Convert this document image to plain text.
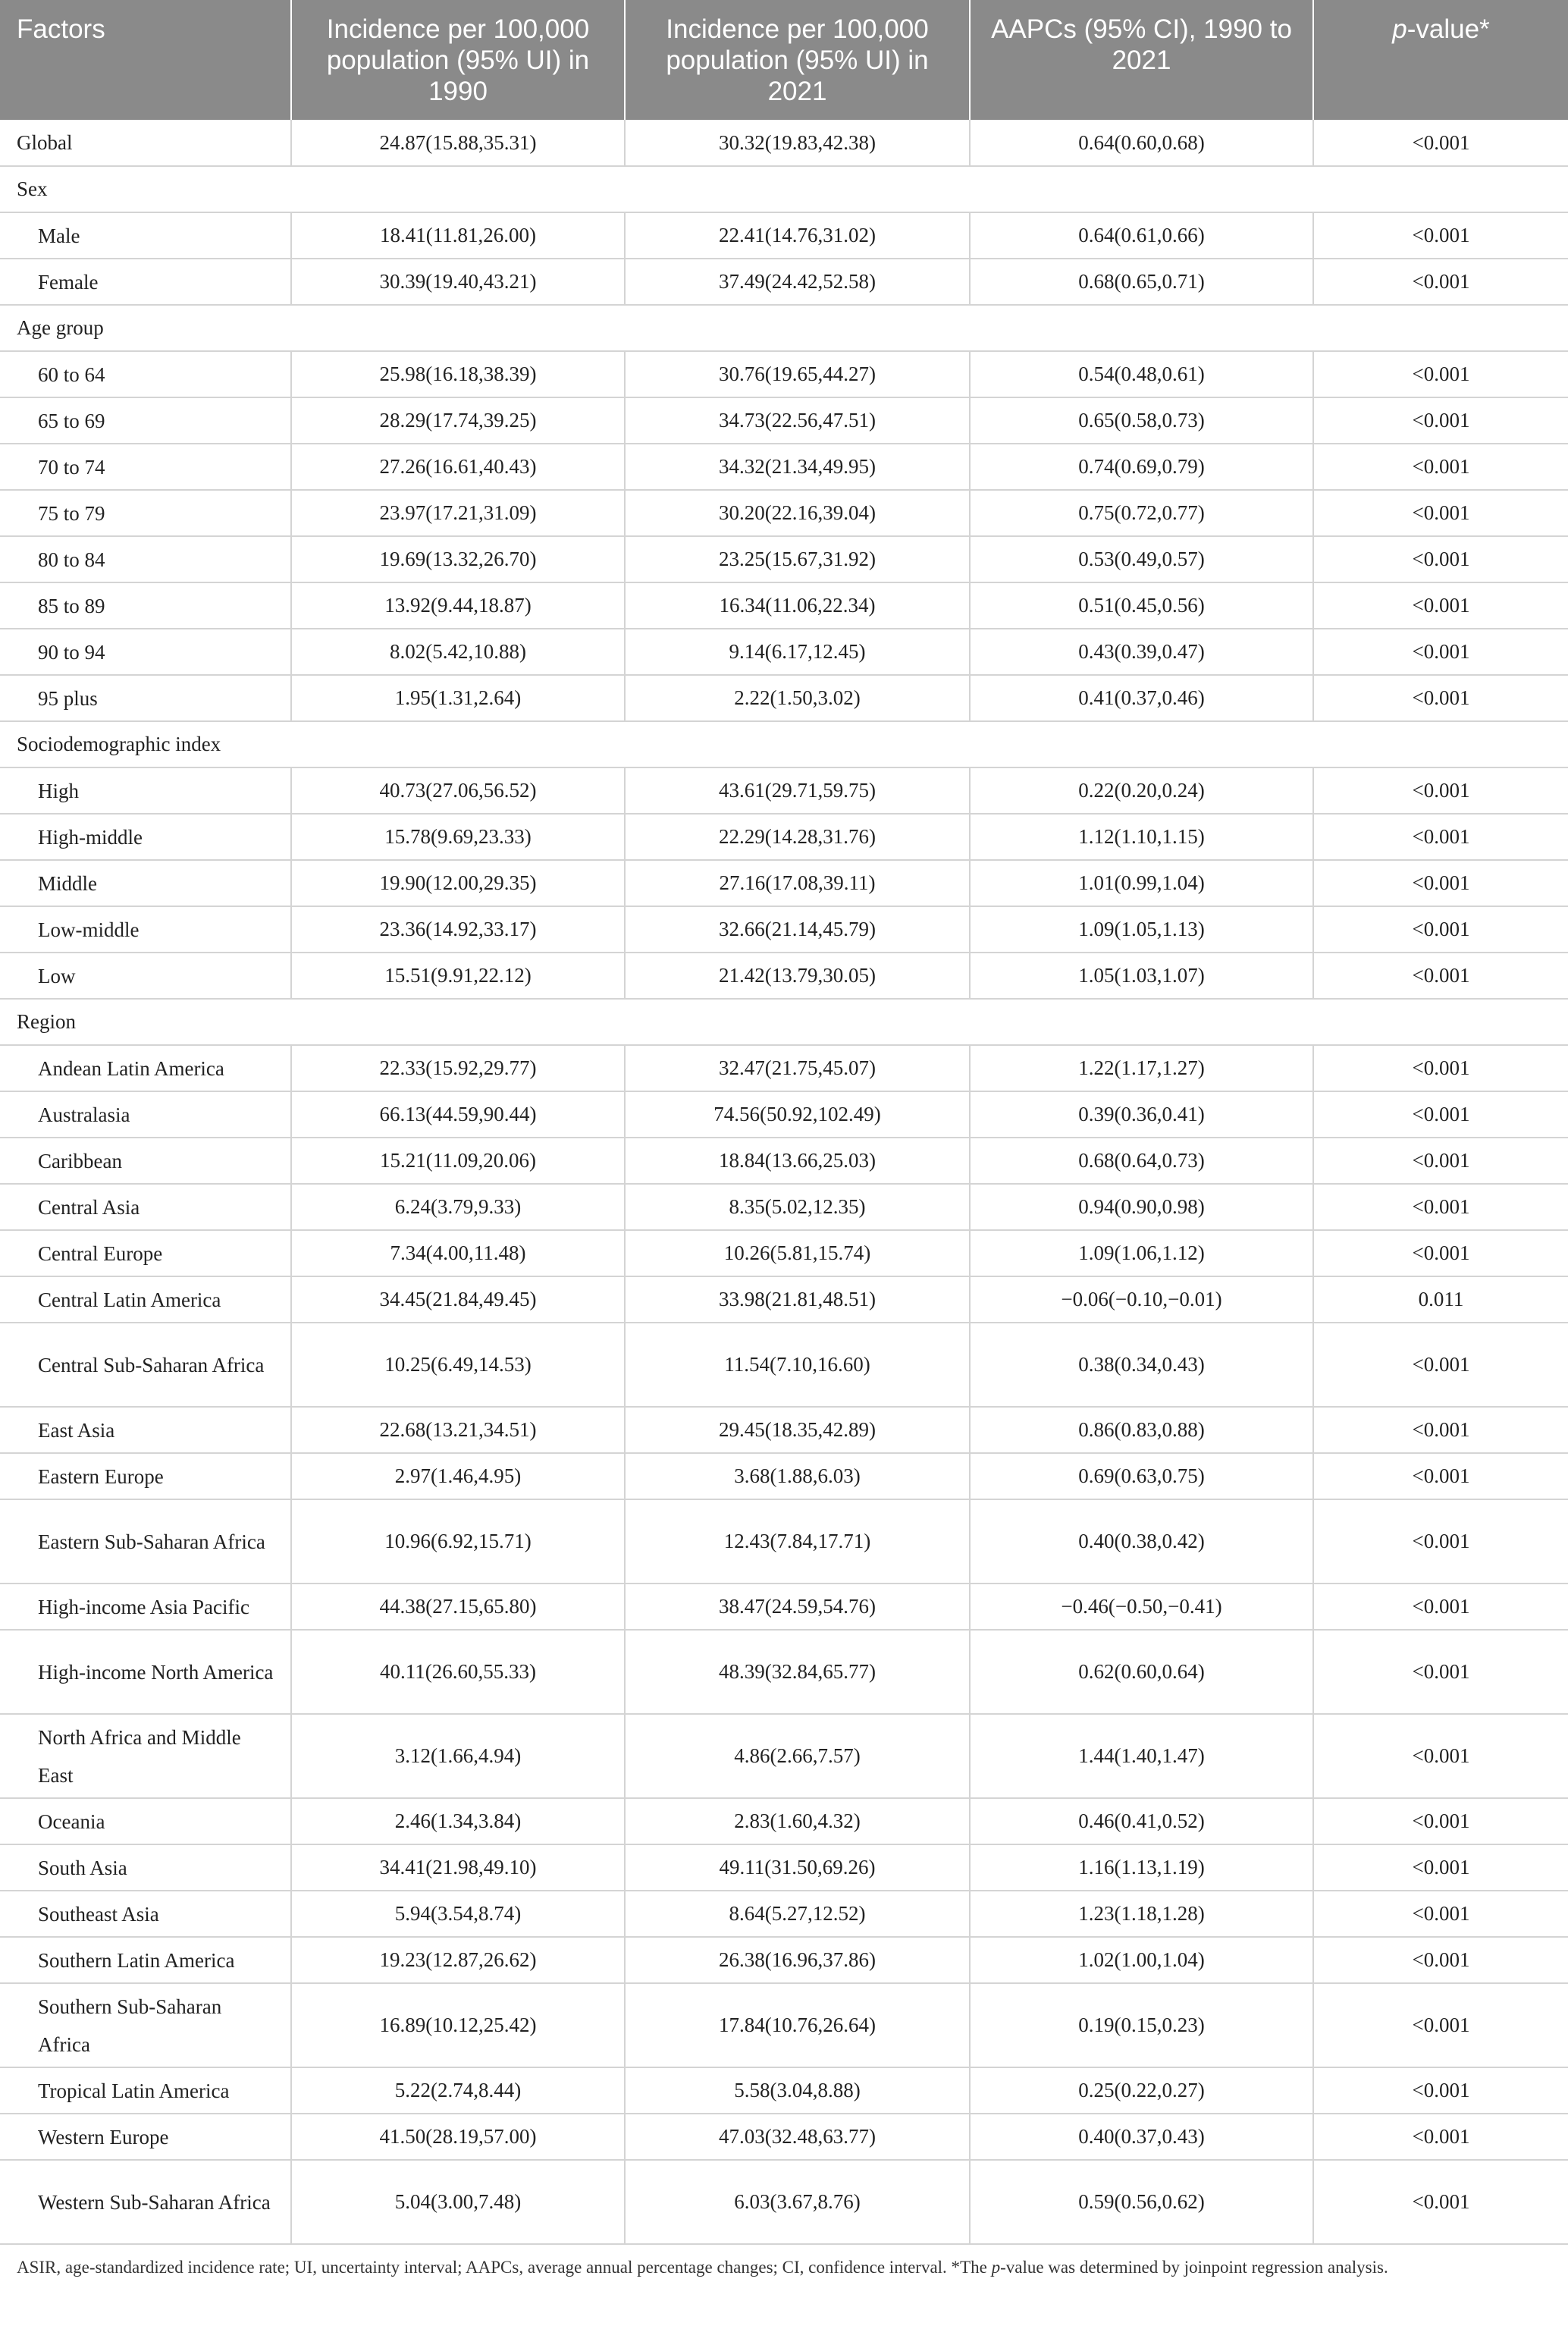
Factors	Incidence per 100,000 population (95% UI) in 1990	Incidence per 100,000 population (95% UI) in 2021	AAPCs (95% CI), 1990 to 2021	p-value*
Global	24.87(15.88,35.31)	30.32(19.83,42.38)	0.64(0.60,0.68)	<0.001
Sex				
Male	18.41(11.81,26.00)	22.41(14.76,31.02)	0.64(0.61,0.66)	<0.001
Female	30.39(19.40,43.21)	37.49(24.42,52.58)	0.68(0.65,0.71)	<0.001
Age group				
60 to 64	25.98(16.18,38.39)	30.76(19.65,44.27)	0.54(0.48,0.61)	<0.001
65 to 69	28.29(17.74,39.25)	34.73(22.56,47.51)	0.65(0.58,0.73)	<0.001
70 to 74	27.26(16.61,40.43)	34.32(21.34,49.95)	0.74(0.69,0.79)	<0.001
75 to 79	23.97(17.21,31.09)	30.20(22.16,39.04)	0.75(0.72,0.77)	<0.001
80 to 84	19.69(13.32,26.70)	23.25(15.67,31.92)	0.53(0.49,0.57)	<0.001
85 to 89	13.92(9.44,18.87)	16.34(11.06,22.34)	0.51(0.45,0.56)	<0.001
90 to 94	8.02(5.42,10.88)	9.14(6.17,12.45)	0.43(0.39,0.47)	<0.001
95 plus	1.95(1.31,2.64)	2.22(1.50,3.02)	0.41(0.37,0.46)	<0.001
Sociodemographic index				
High	40.73(27.06,56.52)	43.61(29.71,59.75)	0.22(0.20,0.24)	<0.001
High-middle	15.78(9.69,23.33)	22.29(14.28,31.76)	1.12(1.10,1.15)	<0.001
Middle	19.90(12.00,29.35)	27.16(17.08,39.11)	1.01(0.99,1.04)	<0.001
Low-middle	23.36(14.92,33.17)	32.66(21.14,45.79)	1.09(1.05,1.13)	<0.001
Low	15.51(9.91,22.12)	21.42(13.79,30.05)	1.05(1.03,1.07)	<0.001
Region				
Andean Latin America	22.33(15.92,29.77)	32.47(21.75,45.07)	1.22(1.17,1.27)	<0.001
Australasia	66.13(44.59,90.44)	74.56(50.92,102.49)	0.39(0.36,0.41)	<0.001
Caribbean	15.21(11.09,20.06)	18.84(13.66,25.03)	0.68(0.64,0.73)	<0.001
Central Asia	6.24(3.79,9.33)	8.35(5.02,12.35)	0.94(0.90,0.98)	<0.001
Central Europe	7.34(4.00,11.48)	10.26(5.81,15.74)	1.09(1.06,1.12)	<0.001
Central Latin America	34.45(21.84,49.45)	33.98(21.81,48.51)	−0.06(−0.10,−0.01)	0.011
Central Sub-Saharan Africa	10.25(6.49,14.53)	11.54(7.10,16.60)	0.38(0.34,0.43)	<0.001
East Asia	22.68(13.21,34.51)	29.45(18.35,42.89)	0.86(0.83,0.88)	<0.001
Eastern Europe	2.97(1.46,4.95)	3.68(1.88,6.03)	0.69(0.63,0.75)	<0.001
Eastern Sub-Saharan Africa	10.96(6.92,15.71)	12.43(7.84,17.71)	0.40(0.38,0.42)	<0.001
High-income Asia Pacific	44.38(27.15,65.80)	38.47(24.59,54.76)	−0.46(−0.50,−0.41)	<0.001
High-income North America	40.11(26.60,55.33)	48.39(32.84,65.77)	0.62(0.60,0.64)	<0.001
North Africa and Middle East	3.12(1.66,4.94)	4.86(2.66,7.57)	1.44(1.40,1.47)	<0.001
Oceania	2.46(1.34,3.84)	2.83(1.60,4.32)	0.46(0.41,0.52)	<0.001
South Asia	34.41(21.98,49.10)	49.11(31.50,69.26)	1.16(1.13,1.19)	<0.001
Southeast Asia	5.94(3.54,8.74)	8.64(5.27,12.52)	1.23(1.18,1.28)	<0.001
Southern Latin America	19.23(12.87,26.62)	26.38(16.96,37.86)	1.02(1.00,1.04)	<0.001
Southern Sub-Saharan Africa	16.89(10.12,25.42)	17.84(10.76,26.64)	0.19(0.15,0.23)	<0.001
Tropical Latin America	5.22(2.74,8.44)	5.58(3.04,8.88)	0.25(0.22,0.27)	<0.001
Western Europe	41.50(28.19,57.00)	47.03(32.48,63.77)	0.40(0.37,0.43)	<0.001
Western Sub-Saharan Africa	5.04(3.00,7.48)	6.03(3.67,8.76)	0.59(0.56,0.62)	<0.001

ASIR, age-standardized incidence rate; UI, uncertainty interval; AAPCs, average annual percentage changes; CI, confidence interval. *The p-value was determined by joinpoint regression analysis.
